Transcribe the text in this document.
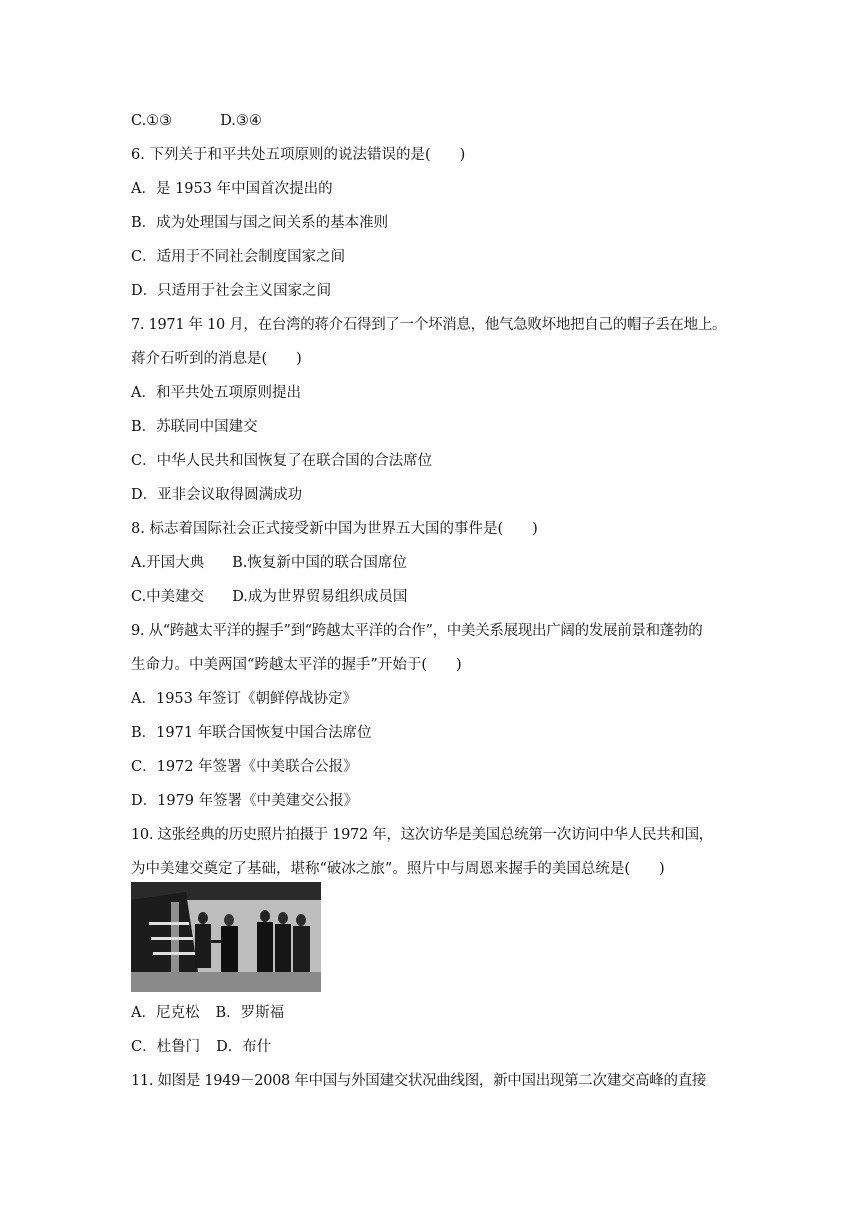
C.①③	D.③④
6. 下列关于和平共处五项原则的说法错误的是(　　)
A．是 1953 年中国首次提出的
B．成为处理国与国之间关系的基本准则
C．适用于不同社会制度国家之间
D．只适用于社会主义国家之间
7. 1971 年 10 月，在台湾的蒋介石得到了一个坏消息，他气急败坏地把自己的帽子丢在地上。
蒋介石听到的消息是(　　)
A．和平共处五项原则提出
B．苏联同中国建交
C．中华人民共和国恢复了在联合国的合法席位
D．亚非会议取得圆满成功
8. 标志着国际社会正式接受新中国为世界五大国的事件是(　　)
A.开国大典 B.恢复新中国的联合国席位
C.中美建交 D.成为世界贸易组织成员国
9. 从“跨越太平洋的握手”到“跨越太平洋的合作”，中美关系展现出广阔的发展前景和蓬勃的
生命力。中美两国“跨越太平洋的握手”开始于(　　)
A．1953 年签订《朝鲜停战协定》
B．1971 年联合国恢复中国合法席位
C．1972 年签署《中美联合公报》
D．1979 年签署《中美建交公报》
10. 这张经典的历史照片拍摄于 1972 年，这次访华是美国总统第一次访问中华人民共和国，
为中美建交奠定了基础，堪称“破冰之旅”。照片中与周恩来握手的美国总统是(　　)
A．尼克松 B．罗斯福
C．杜鲁门 D．布什
11. 如图是 1949－2008 年中国与外国建交状况曲线图，新中国出现第二次建交高峰的直接
